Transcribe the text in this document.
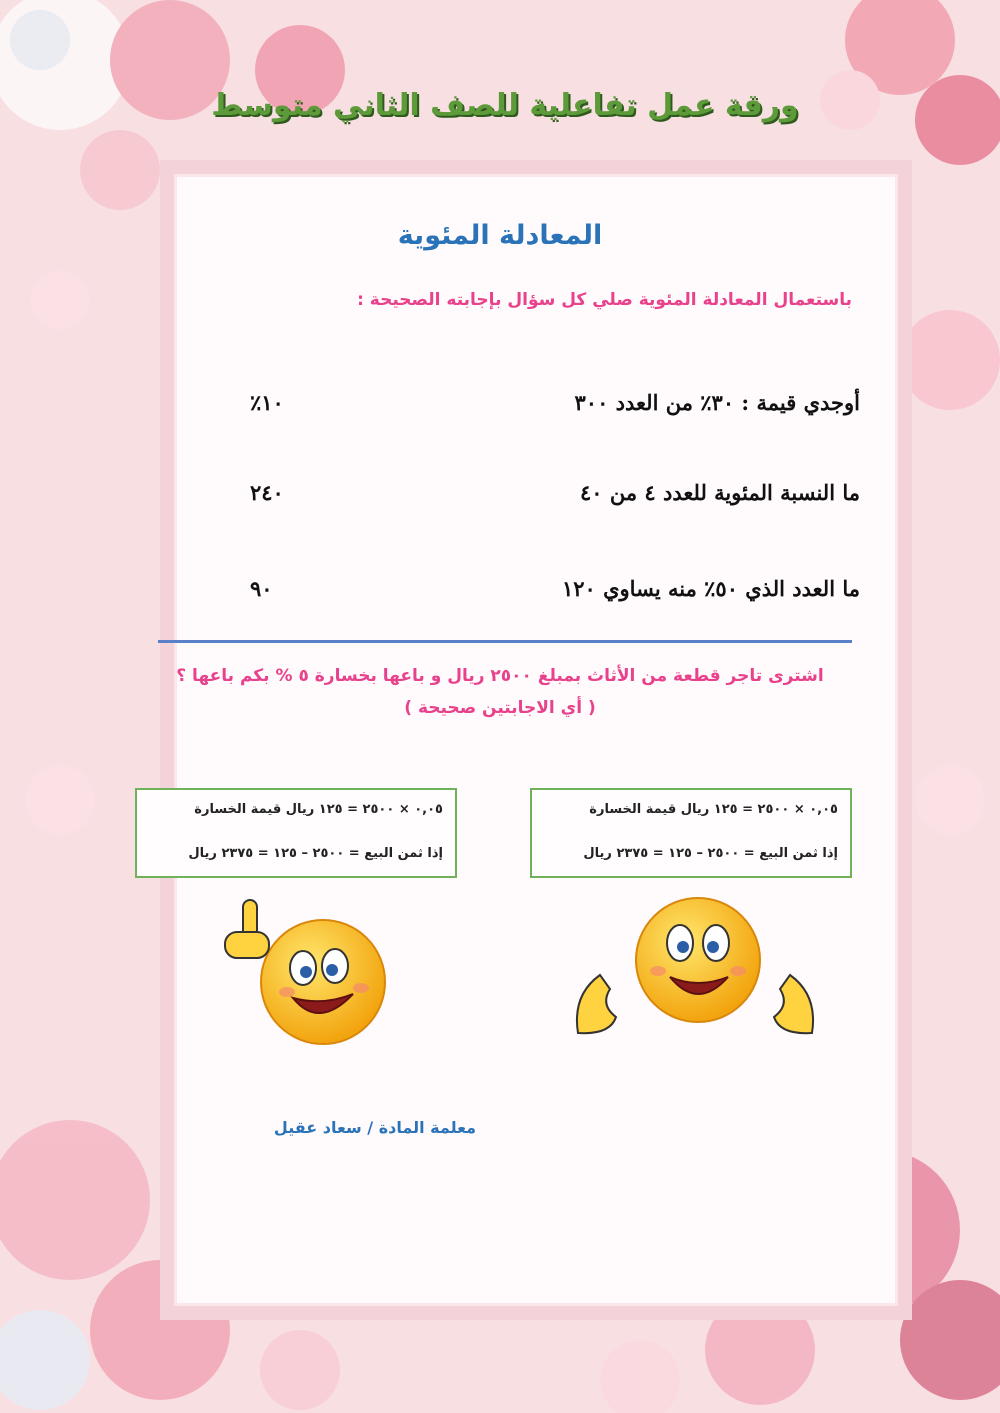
ورقة عمل تفاعلية للصف الثاني متوسط
المعادلة المئوية

باستعمال المعادلة المئوية صلي كل سؤال بإجابته الصحيحة :

أوجدي قيمة : ٣٠٪ من العدد ٣٠٠
١٠٪
ما النسبة المئوية للعدد ٤ من ٤٠
٢٤٠
ما العدد الذي ٥٠٪ منه يساوي ١٢٠
٩٠
اشترى تاجر قطعة من الأثاث بمبلغ ٢٥٠٠ ريال و باعها بخسارة ٥ % بكم باعها ؟
( أي الاجابتين صحيحة )
٠,٠٥ × ٢٥٠٠ = ١٢٥ ريال قيمة الخسارة
إذا ثمن البيع = ٢٥٠٠ – ١٢٥ = ٢٣٧٥ ريال
٠,٠٥ × ٢٥٠٠ = ١٢٥ ريال قيمة الخسارة
إذا ثمن البيع = ٢٥٠٠ – ١٢٥ = ٢٣٧٥ ريال

معلمة المادة / سعاد عقيل
